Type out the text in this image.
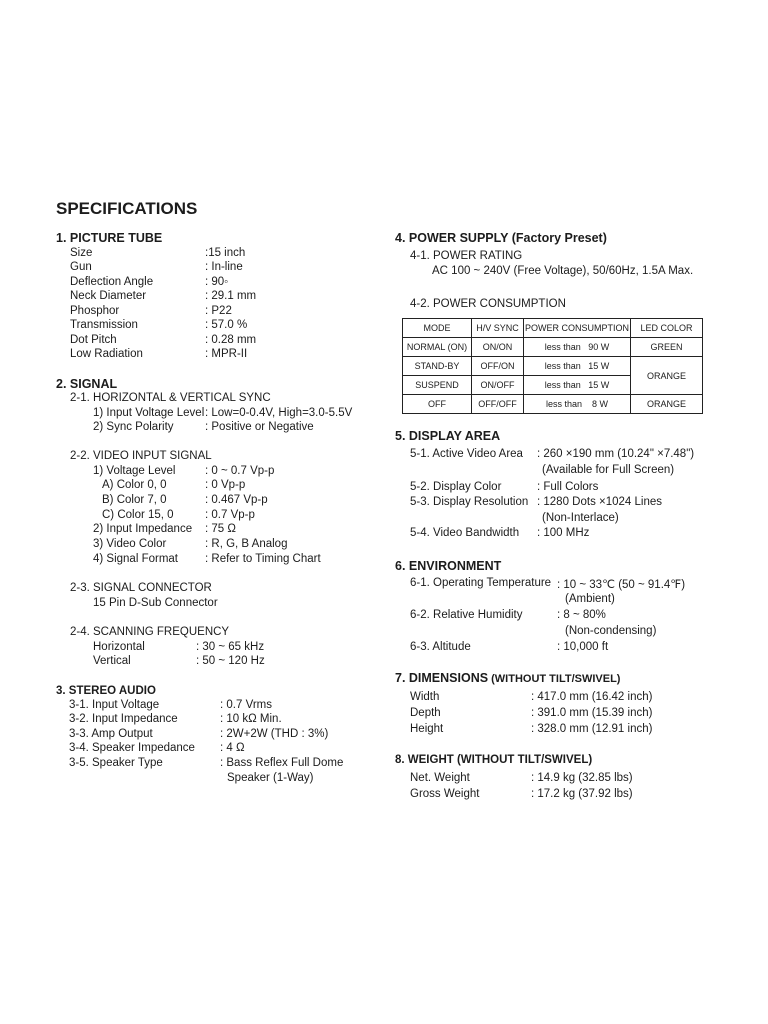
SPECIFICATIONS
1. PICTURE TUBE
Size	:15 inch
Gun	: In-line
Deflection Angle	: 90◦
Neck Diameter	: 29.1 mm
Phosphor	: P22
Transmission	: 57.0 %
Dot Pitch	: 0.28 mm
Low Radiation	: MPR-II
2. SIGNAL
2-1. HORIZONTAL & VERTICAL SYNC
1) Input Voltage Level : Low=0-0.4V, High=3.0-5.5V
2) Sync Polarity	: Positive or Negative
2-2. VIDEO INPUT SIGNAL
1) Voltage Level	: 0 ~ 0.7 Vp-p
A) Color 0, 0	: 0 Vp-p
B) Color 7, 0	: 0.467 Vp-p
C) Color 15, 0	: 0.7 Vp-p
2) Input Impedance : 75 Ω
3) Video Color	: R, G, B Analog
4) Signal Format : Refer to Timing Chart
2-3. SIGNAL CONNECTOR
15 Pin D-Sub Connector
2-4. SCANNING FREQUENCY
Horizontal	: 30 ~ 65 kHz
Vertical	: 50 ~ 120 Hz
3. STEREO AUDIO
3-1. Input Voltage	: 0.7 Vrms
3-2. Input Impedance	: 10 kΩ Min.
3-3. Amp Output	: 2W+2W (THD : 3%)
3-4. Speaker Impedance : 4 Ω
3-5. Speaker Type	: Bass Reflex Full Dome
Speaker (1-Way)
4. POWER SUPPLY (Factory Preset)
4-1. POWER RATING
AC 100 ~ 240V (Free Voltage), 50/60Hz, 1.5A Max.
4-2. POWER CONSUMPTION
MODE	H/V SYNC	POWER CONSUMPTION	LED COLOR
NORMAL (ON)	ON/ON	less than   90 W	GREEN
STAND-BY	OFF/ON	less than   15 W	ORANGE
SUSPEND	ON/OFF	less than   15 W	
OFF	OFF/OFF	less than    8 W	ORANGE
5. DISPLAY AREA
5-1. Active Video Area : 260 ×190 mm (10.24" ×7.48")
(Available for Full Screen)
5-2. Display Color	: Full Colors
5-3. Display Resolution : 1280 Dots ×1024 Lines
(Non-Interlace)
5-4. Video Bandwidth : 100 MHz
6. ENVIRONMENT
6-1. Operating Temperature : 10 ~ 33℃ (50 ~ 91.4℉)
(Ambient)
6-2. Relative Humidity	: 8 ~ 80%
(Non-condensing)
6-3. Altitude	: 10,000 ft
7. DIMENSIONS (WITHOUT TILT/SWIVEL)
Width	: 417.0 mm (16.42 inch)
Depth	: 391.0 mm (15.39 inch)
Height	: 328.0 mm (12.91 inch)
8. WEIGHT (WITHOUT TILT/SWIVEL)
Net. Weight	: 14.9 kg (32.85 lbs)
Gross Weight	: 17.2 kg (37.92 lbs)
